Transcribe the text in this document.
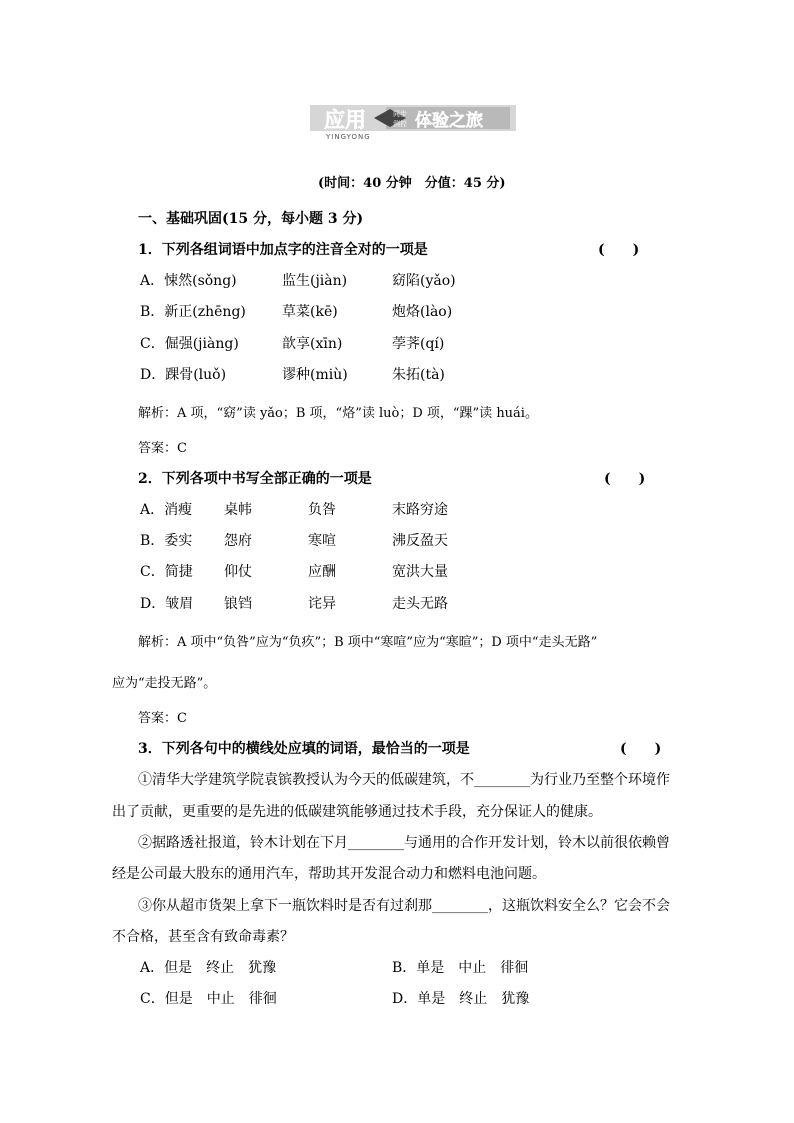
应用	同步
测控 体验之旅
YINGYONG
(时间：40 分钟　分值：45 分)
一、基础巩固(15 分，每小题 3 分)
1．下列各组词语中加点字的注音全对的一项是	(　　)
A．悚然(sǒng)	监生(jiàn)	窈陷(yǎo)
B．新正(zhēng)	草菜(kē)	炮烙(lào)
C．倔强(jiàng)	歆享(xīn)	荸荠(qí)
D．踝骨(luǒ)	谬种(miù)	朱拓(tà)
解析：A 项，“窈”读 yǎo；B 项，“烙”读 luò；D 项，“踝”读 huái。
答案：C
2．下列各项中书写全部正确的一项是	(　　)
A．消瘦 桌帏	负咎	末路穷途
B．委实 怨府	寒喧	沸反盈天
C．简捷 仰仗	应酬	宽洪大量
D．皱眉 锒铛	诧异	走头无路
解析：A 项中“负咎”应为“负疚”；B 项中“寒喧”应为“寒暄”；D 项中“走头无路”
应为“走投无路”。
答案：C
3．下列各句中的横线处应填的词语，最恰当的一项是	(　　)
①清华大学建筑学院袁镔教授认为今天的低碳建筑，不________为行业乃至整个环境作
出了贡献，更重要的是先进的低碳建筑能够通过技术手段，充分保证人的健康。
②据路透社报道，铃木计划在下月________与通用的合作开发计划，铃木以前很依赖曾
经是公司最大股东的通用汽车，帮助其开发混合动力和燃料电池问题。
③你从超市货架上拿下一瓶饮料时是否有过刹那________，这瓶饮料安全么？它会不会
不合格，甚至含有致命毒素？
A．但是　终止　犹豫	B．单是　中止　徘徊
C．但是　中止　徘徊	D．单是　终止　犹豫
